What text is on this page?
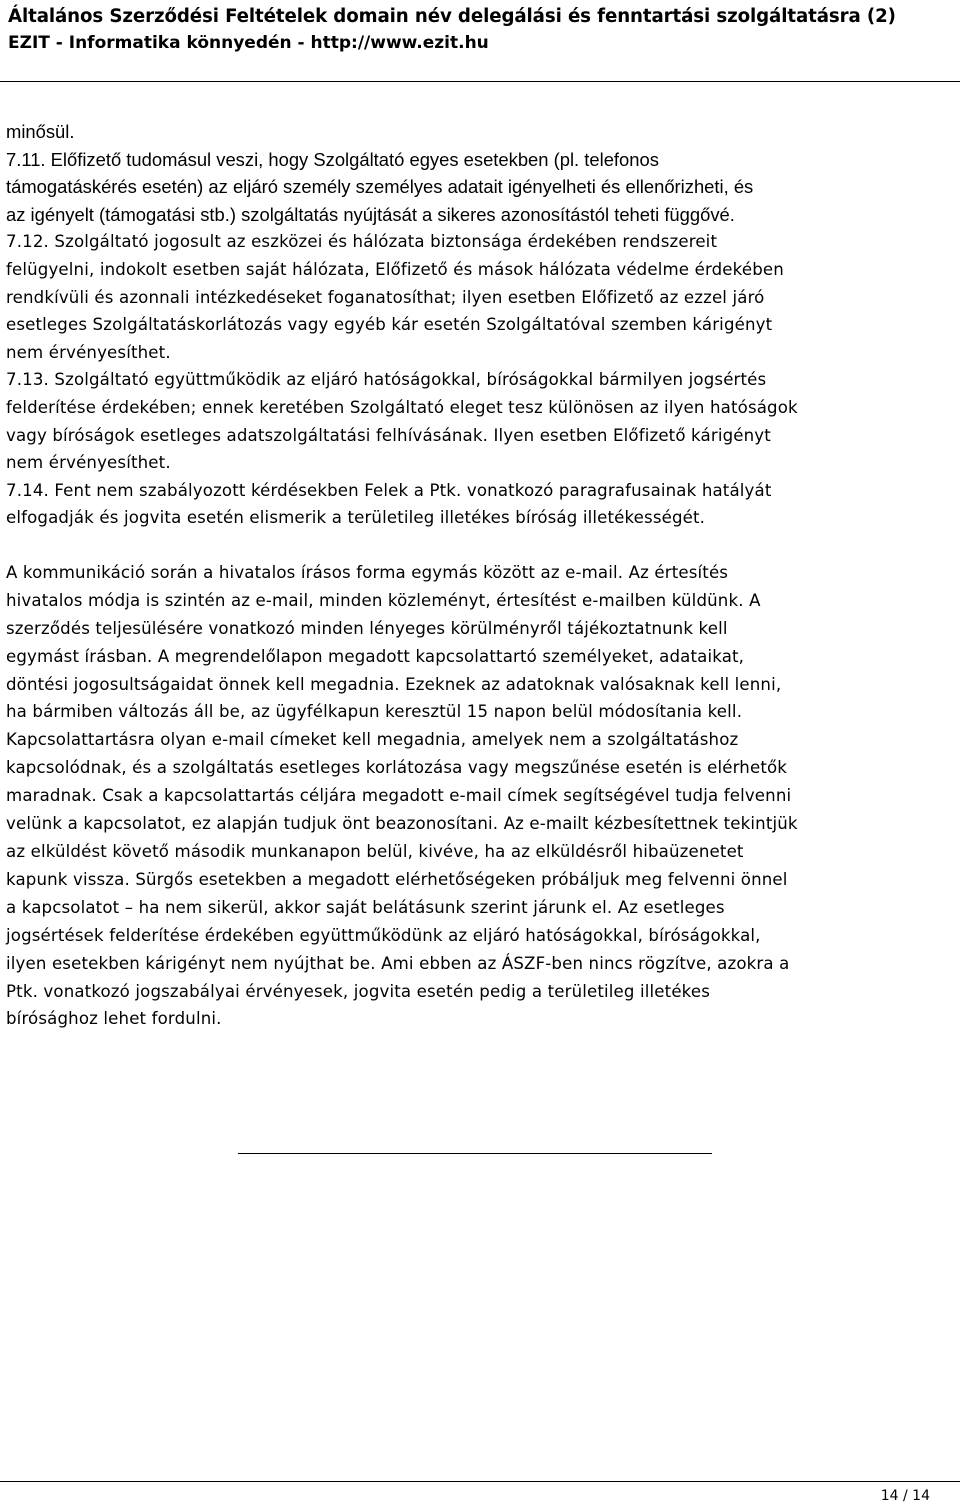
Általános Szerződési Feltételek domain név delegálási és fenntartási szolgáltatásra (2)
EZIT - Informatika könnyedén - http://www.ezit.hu
minősül.
7.11. Előfizető tudomásul veszi, hogy Szolgáltató egyes esetekben (pl. telefonos
támogatáskérés esetén) az eljáró személy személyes adatait igényelheti és ellenőrizheti, és
az igényelt (támogatási stb.) szolgáltatás nyújtását a sikeres azonosítástól teheti függővé.
7.12. Szolgáltató jogosult az eszközei és hálózata biztonsága érdekében rendszereit
felügyelni, indokolt esetben saját hálózata, Előfizető és mások hálózata védelme érdekében
rendkívüli és azonnali intézkedéseket foganatosíthat; ilyen esetben Előfizető az ezzel járó
esetleges Szolgáltatáskorlátozás vagy egyéb kár esetén Szolgáltatóval szemben kárigényt
nem érvényesíthet.
7.13. Szolgáltató együttműködik az eljáró hatóságokkal, bíróságokkal bármilyen jogsértés
felderítése érdekében; ennek keretében Szolgáltató eleget tesz különösen az ilyen hatóságok
vagy bíróságok esetleges adatszolgáltatási felhívásának. Ilyen esetben Előfizető kárigényt
nem érvényesíthet.
7.14. Fent nem szabályozott kérdésekben Felek a Ptk. vonatkozó paragrafusainak hatályát
elfogadják és jogvita esetén elismerik a területileg illetékes bíróság illetékességét.
A kommunikáció során a hivatalos írásos forma egymás között az e-mail. Az értesítés
hivatalos módja is szintén az e-mail, minden közleményt, értesítést e-mailben küldünk. A
szerződés teljesülésére vonatkozó minden lényeges körülményről tájékoztatnunk kell
egymást írásban. A megrendelőlapon megadott kapcsolattartó személyeket, adataikat,
döntési jogosultságaidat önnek kell megadnia. Ezeknek az adatoknak valósaknak kell lenni,
ha bármiben változás áll be, az ügyfélkapun keresztül 15 napon belül módosítania kell.
Kapcsolattartásra olyan e-mail címeket kell megadnia, amelyek nem a szolgáltatáshoz
kapcsolódnak, és a szolgáltatás esetleges korlátozása vagy megszűnése esetén is elérhetők
maradnak. Csak a kapcsolattartás céljára megadott e-mail címek segítségével tudja felvenni
velünk a kapcsolatot, ez alapján tudjuk önt beazonosítani. Az e-mailt kézbesítettnek tekintjük
az elküldést követő második munkanapon belül, kivéve, ha az elküldésről hibaüzenetet
kapunk vissza. Sürgős esetekben a megadott elérhetőségeken próbáljuk meg felvenni önnel
a kapcsolatot – ha nem sikerül, akkor saját belátásunk szerint járunk el. Az esetleges
jogsértések felderítése érdekében együttműködünk az eljáró hatóságokkal, bíróságokkal,
ilyen esetekben kárigényt nem nyújthat be. Ami ebben az ÁSZF-ben nincs rögzítve, azokra a
Ptk. vonatkozó jogszabályai érvényesek, jogvita esetén pedig a területileg illetékes
bírósághoz lehet fordulni.
14 / 14
